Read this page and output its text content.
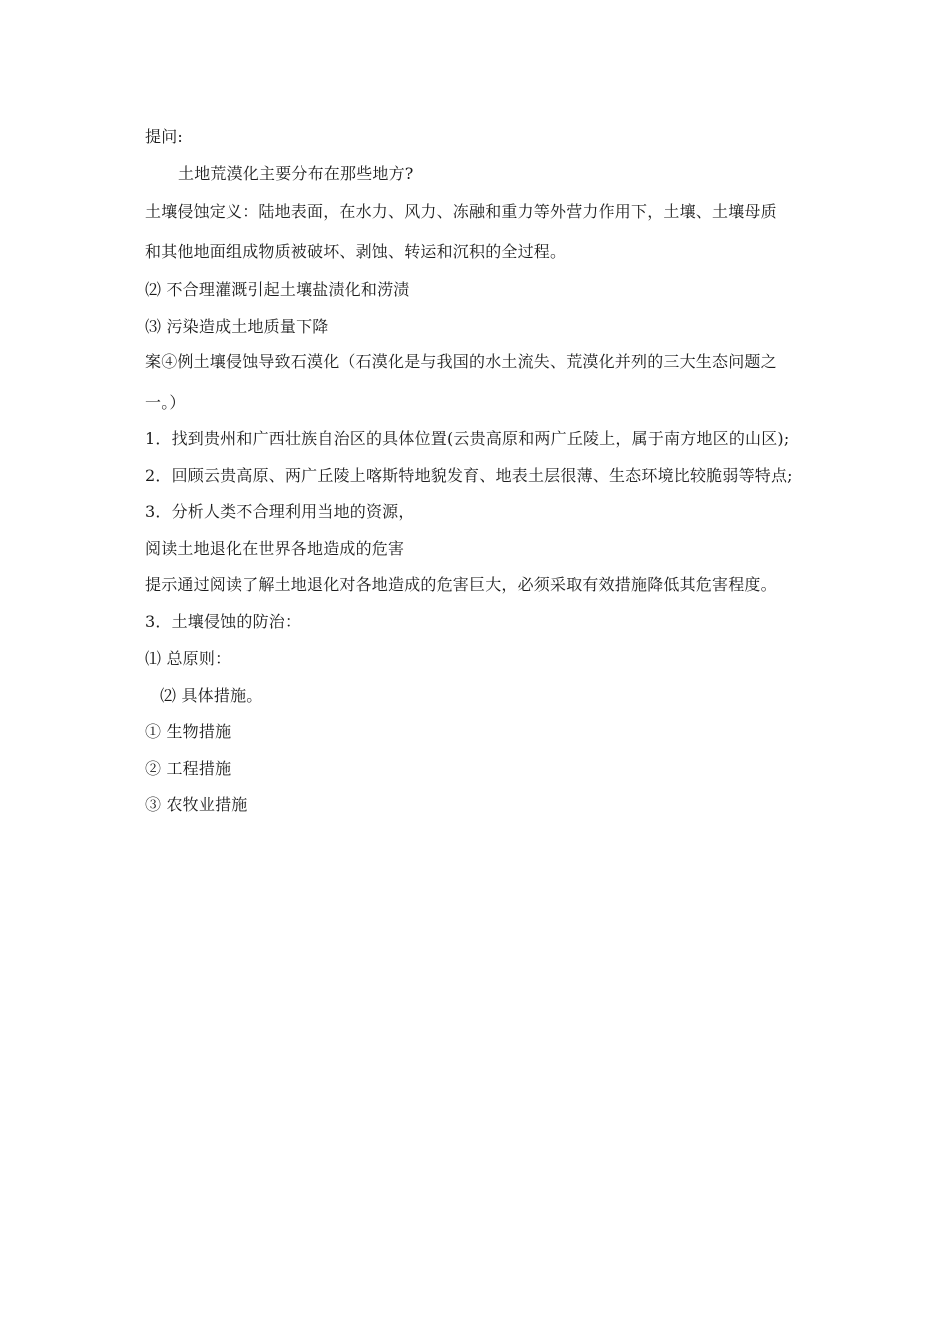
提问:
土地荒漠化主要分布在那些地方?
土壤侵蚀定义：陆地表面，在水力、风力、冻融和重力等外营力作用下，土壤、土壤母质
和其他地面组成物质被破坏、剥蚀、转运和沉积的全过程。
⑵ 不合理灌溉引起土壤盐渍化和涝渍
⑶ 污染造成土地质量下降
案④例土壤侵蚀导致石漠化（石漠化是与我国的水土流失、荒漠化并列的三大生态问题之
一。）
1．找到贵州和广西壮族自治区的具体位置(云贵高原和两广丘陵上，属于南方地区的山区);
2．回顾云贵高原、两广丘陵上喀斯特地貌发育、地表土层很薄、生态环境比较脆弱等特点;
3．分析人类不合理利用当地的资源，
阅读土地退化在世界各地造成的危害
提示通过阅读了解土地退化对各地造成的危害巨大，必须采取有效措施降低其危害程度。
3．土壤侵蚀的防治：
⑴ 总原则：
⑵ 具体措施。
① 生物措施
② 工程措施
③ 农牧业措施
